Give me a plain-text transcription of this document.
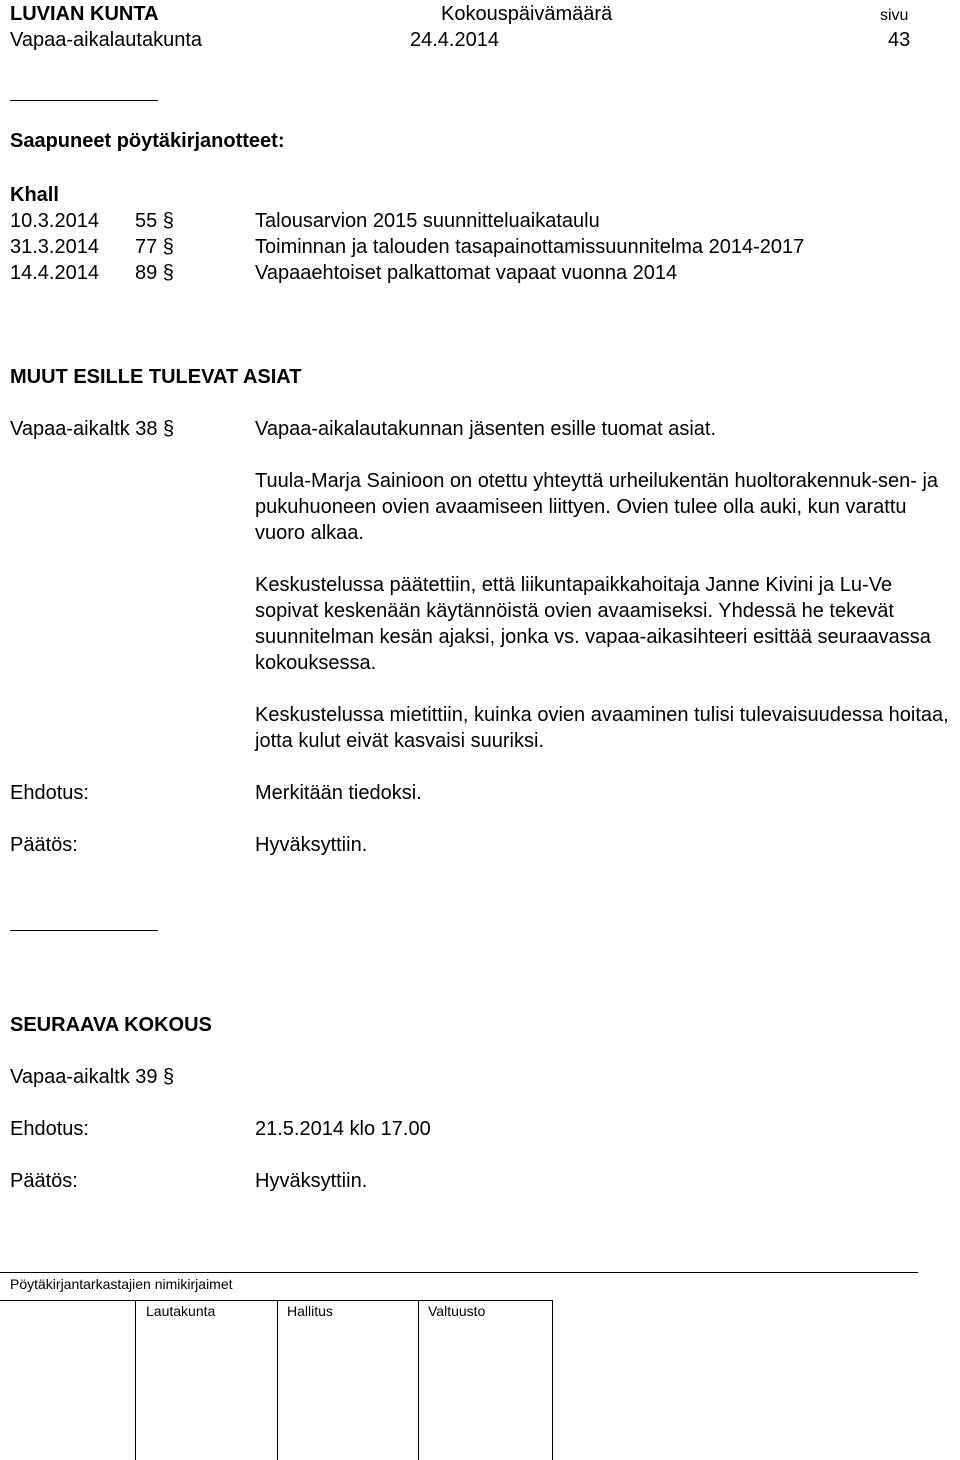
LUVIAN KUNTA	Kokouspäivämäärä	sivu
Vapaa-aikalautakunta	24.4.2014	43
Saapuneet pöytäkirjanotteet:
Khall
10.3.2014 55 §	Talousarvion 2015 suunnitteluaikataulu
31.3.2014 77 §	Toiminnan ja talouden tasapainottamissuunnitelma 2014-2017
14.4.2014 89 §	Vapaaehtoiset palkattomat vapaat vuonna 2014
MUUT ESILLE TULEVAT ASIAT
Vapaa-aikaltk 38 §	Vapaa-aikalautakunnan jäsenten esille tuomat asiat.
Tuula-Marja Sainioon on otettu yhteyttä urheilukentän huoltorakennuk-sen- ja pukuhuoneen ovien avaamiseen liittyen. Ovien tulee olla auki, kun varattu vuoro alkaa.
Keskustelussa päätettiin, että liikuntapaikkahoitaja Janne Kivini ja Lu-Ve sopivat keskenään käytännöistä ovien avaamiseksi. Yhdessä he tekevät suunnitelman kesän ajaksi, jonka vs. vapaa-aikasihteeri esittää seuraavassa kokouksessa.
Keskustelussa mietittiin, kuinka ovien avaaminen tulisi tulevaisuudessa hoitaa, jotta kulut eivät kasvaisi suuriksi.
Ehdotus:	Merkitään tiedoksi.
Päätös:	Hyväksyttiin.
SEURAAVA KOKOUS
Vapaa-aikaltk 39 §
Ehdotus:	21.5.2014 klo 17.00
Päätös:	Hyväksyttiin.
Pöytäkirjantarkastajien nimikirjaimet
Lautakunta	Hallitus	Valtuusto
